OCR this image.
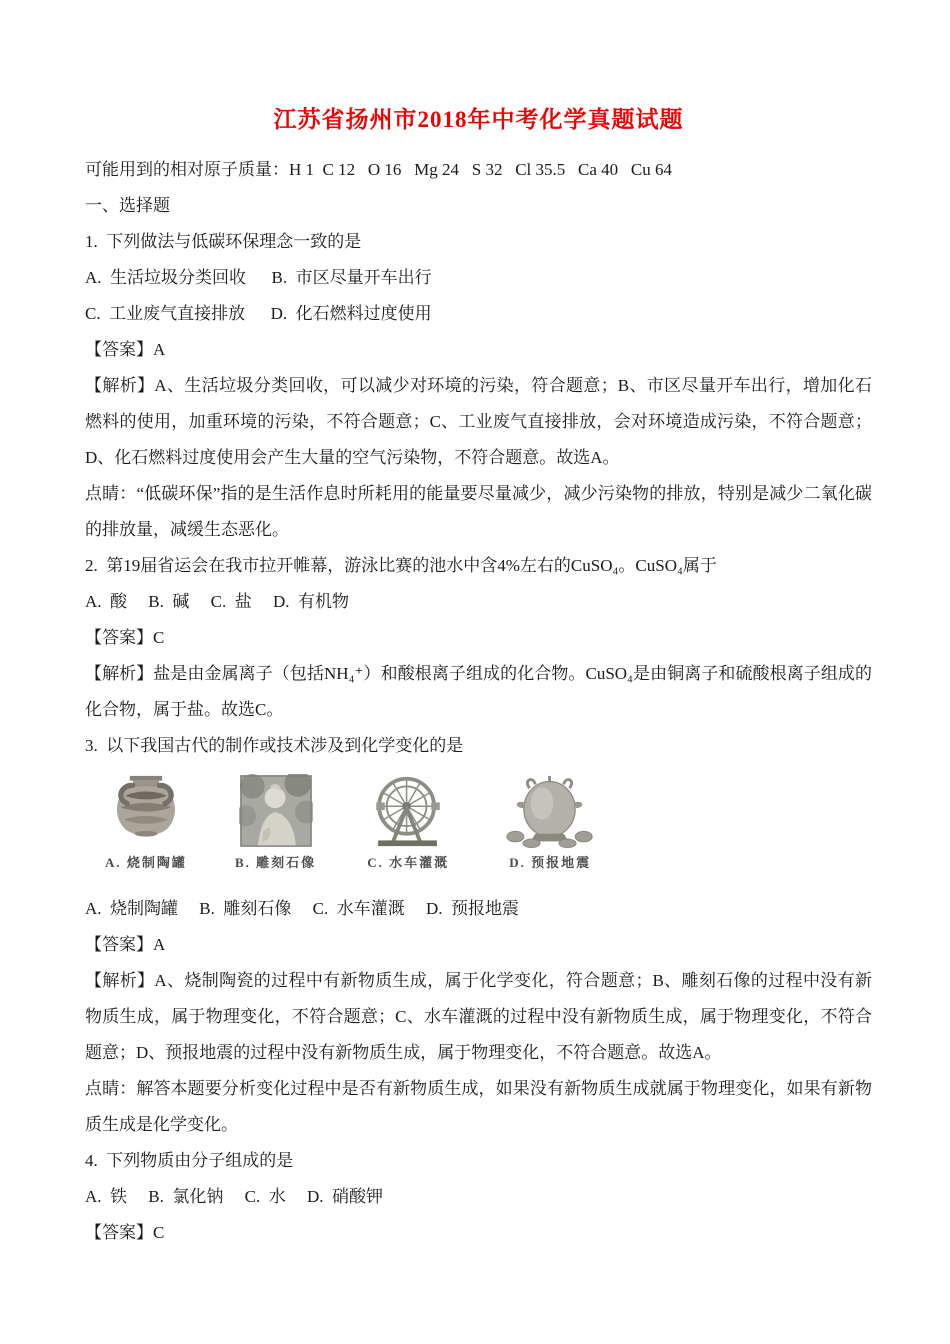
江苏省扬州市2018年中考化学真题试题

可能用到的相对原子质量：H 1  C 12   O 16   Mg 24   S 32   Cl 35.5   Ca 40   Cu 64

一、选择题

1.  下列做法与低碳环保理念一致的是

A.  生活垃圾分类回收      B.  市区尽量开车出行

C.  工业废气直接排放      D.  化石燃料过度使用

【答案】A

【解析】A、生活垃圾分类回收，可以减少对环境的污染，符合题意；B、市区尽量开车出行，增加化石燃料的使用，加重环境的污染，不符合题意；C、工业废气直接排放，会对环境造成污染，不符合题意；D、化石燃料过度使用会产生大量的空气污染物，不符合题意。故选A。

点睛：“低碳环保”指的是生活作息时所耗用的能量要尽量减少，减少污染物的排放，特别是减少二氧化碳的排放量，减缓生态恶化。

2.  第19届省运会在我市拉开帷幕，游泳比赛的池水中含4%左右的CuSO₄。CuSO₄属于

A.  酸     B.  碱     C.  盐     D.  有机物

【答案】C

【解析】盐是由金属离子（包括NH₄⁺）和酸根离子组成的化合物。CuSO₄是由铜离子和硫酸根离子组成的化合物，属于盐。故选C。

3.  以下我国古代的制作或技术涉及到化学变化的是

A. 烧制陶罐	B. 雕刻石像	C. 水车灌溉	D. 预报地震

A.  烧制陶罐     B.  雕刻石像     C.  水车灌溉     D.  预报地震

【答案】A

【解析】A、烧制陶瓷的过程中有新物质生成，属于化学变化，符合题意；B、雕刻石像的过程中没有新物质生成，属于物理变化，不符合题意；C、水车灌溉的过程中没有新物质生成，属于物理变化，不符合题意；D、预报地震的过程中没有新物质生成，属于物理变化，不符合题意。故选A。

点睛：解答本题要分析变化过程中是否有新物质生成，如果没有新物质生成就属于物理变化，如果有新物质生成是化学变化。

4.  下列物质由分子组成的是

A.  铁     B.  氯化钠     C.  水     D.  硝酸钾

【答案】C
